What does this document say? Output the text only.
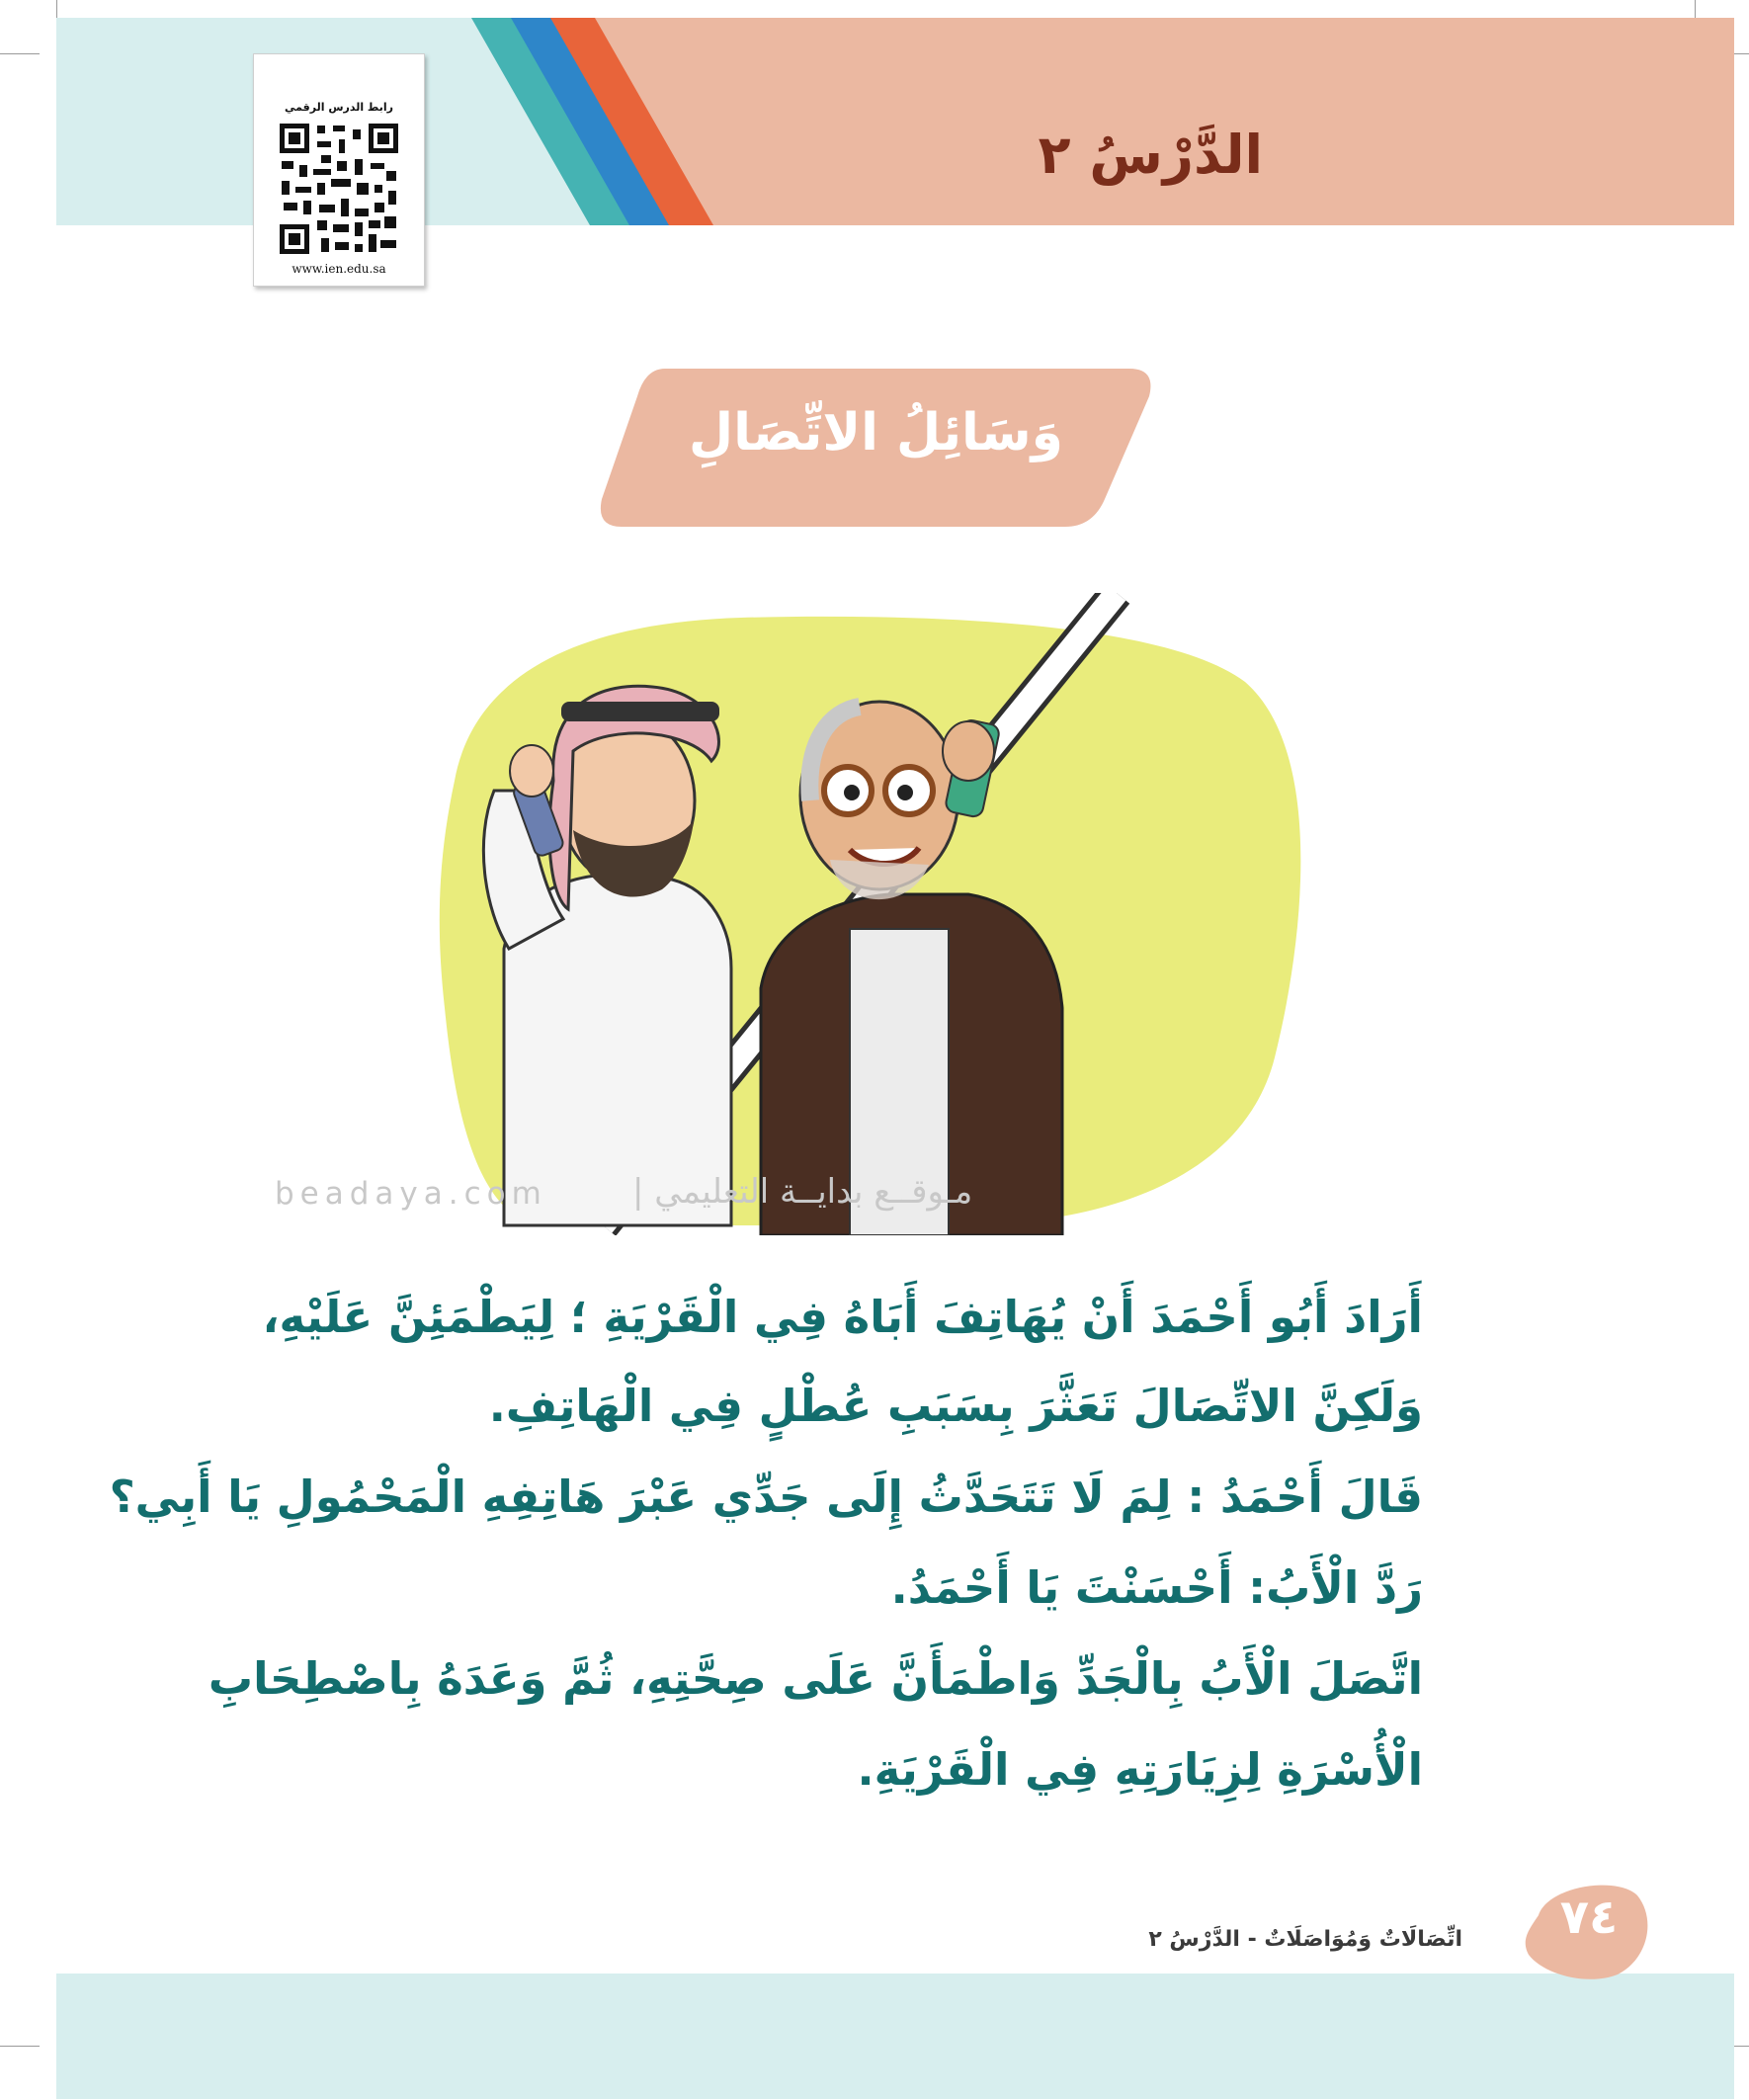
الدَّرْسُ ٢
رابط الدرس الرقمي
www.ien.edu.sa
وَسَائِلُ الاتِّصَالِ
beadaya.com	مـوقــع بدايــة التعليمي |
أَرَادَ أَبُو أَحْمَدَ أَنْ يُهَاتِفَ أَبَاهُ فِي الْقَرْيَةِ ؛ لِيَطْمَئِنَّ عَلَيْهِ،
وَلَكِنَّ الاتِّصَالَ تَعَثَّرَ بِسَبَبِ عُطْلٍ فِي الْهَاتِفِ.
قَالَ أَحْمَدُ : لِمَ لَا تَتَحَدَّثُ إِلَى جَدِّي عَبْرَ هَاتِفِهِ الْمَحْمُولِ يَا أَبِي؟
رَدَّ الْأَبُ: أَحْسَنْتَ يَا أَحْمَدُ.
اتَّصَلَ الْأَبُ بِالْجَدِّ وَاطْمَأَنَّ عَلَى صِحَّتِهِ، ثُمَّ وَعَدَهُ بِاصْطِحَابِ
الْأُسْرَةِ لِزِيَارَتِهِ فِي الْقَرْيَةِ.
٧٤
اتِّصَالَاتٌ وَمُوَاصَلَاتٌ - الدَّرْسُ ٢
